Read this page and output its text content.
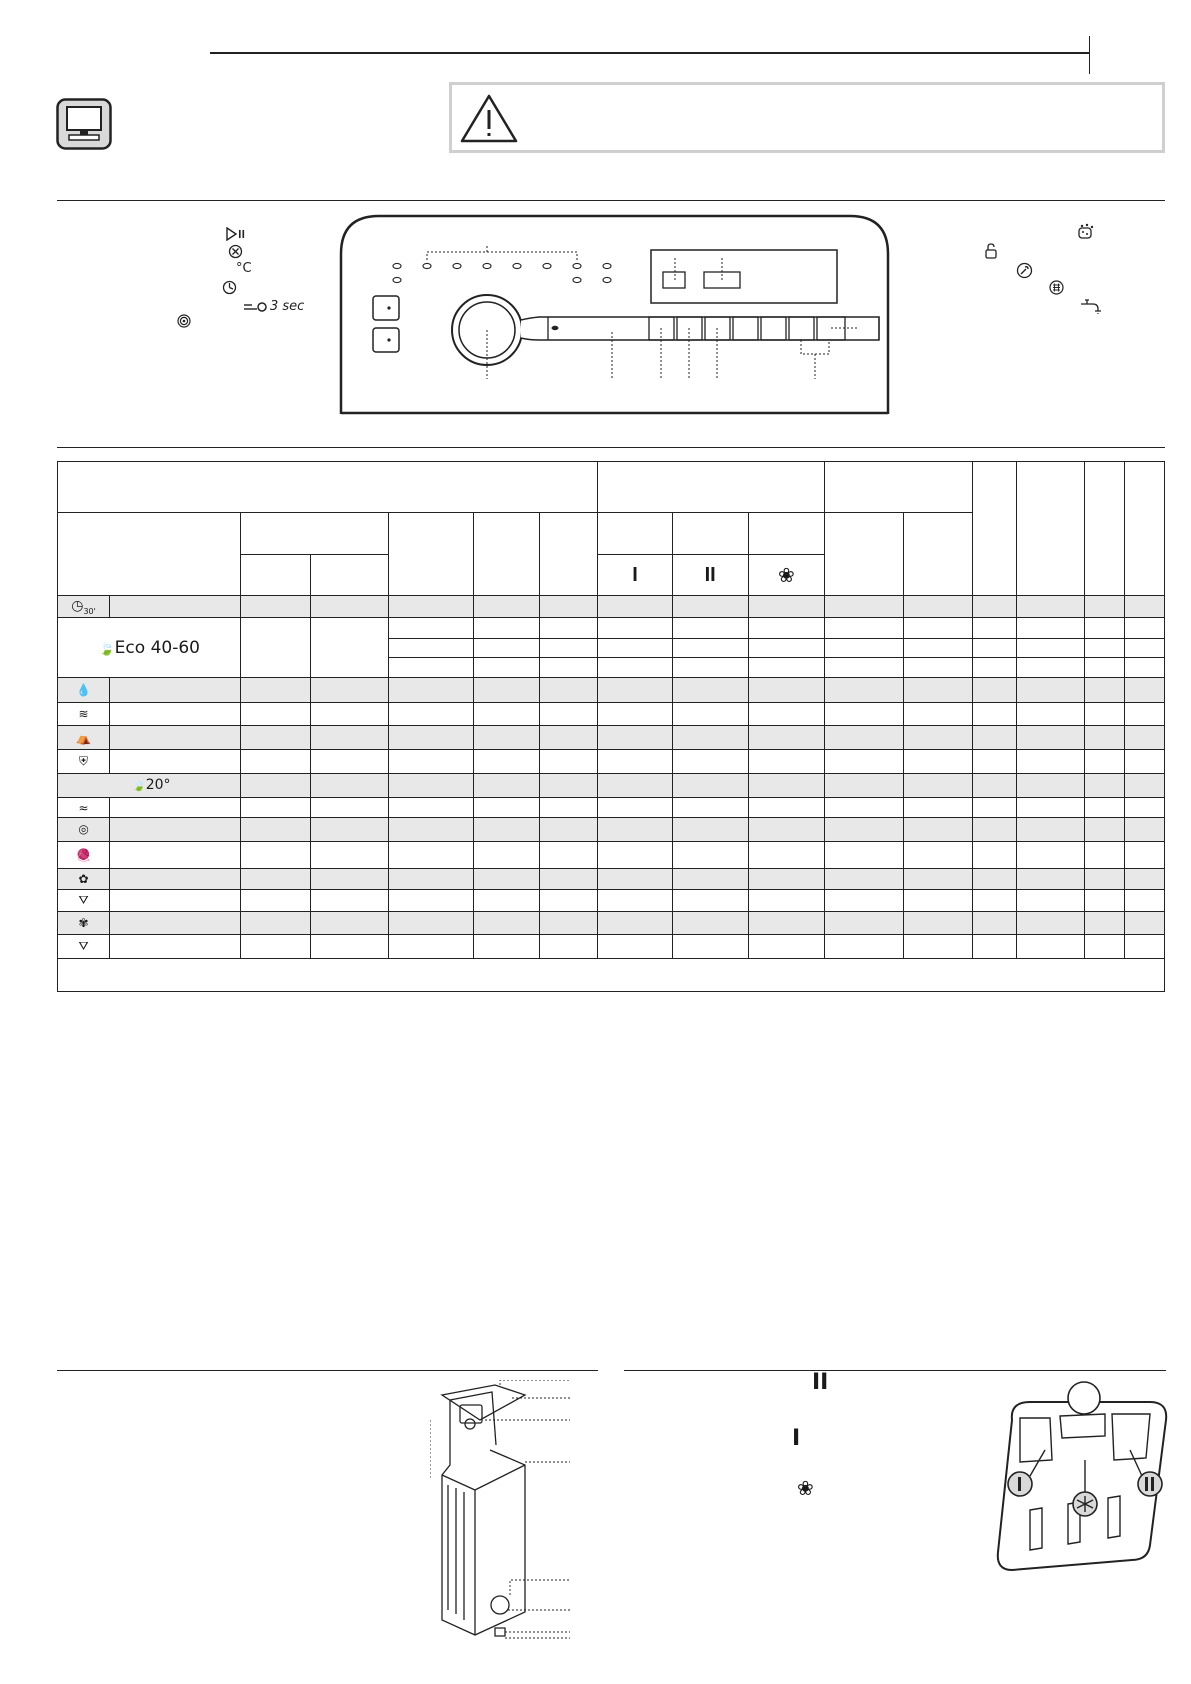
°C
3 sec

							I	II	❀						
$◷_{30'}$															
🍃Eco 40-60															

💧															
≋															
⛺															
⛨															
🍃20°															
≈															
◎															
🧶															
✿															
⛛															
✾															
⛛															

II
I
❀
